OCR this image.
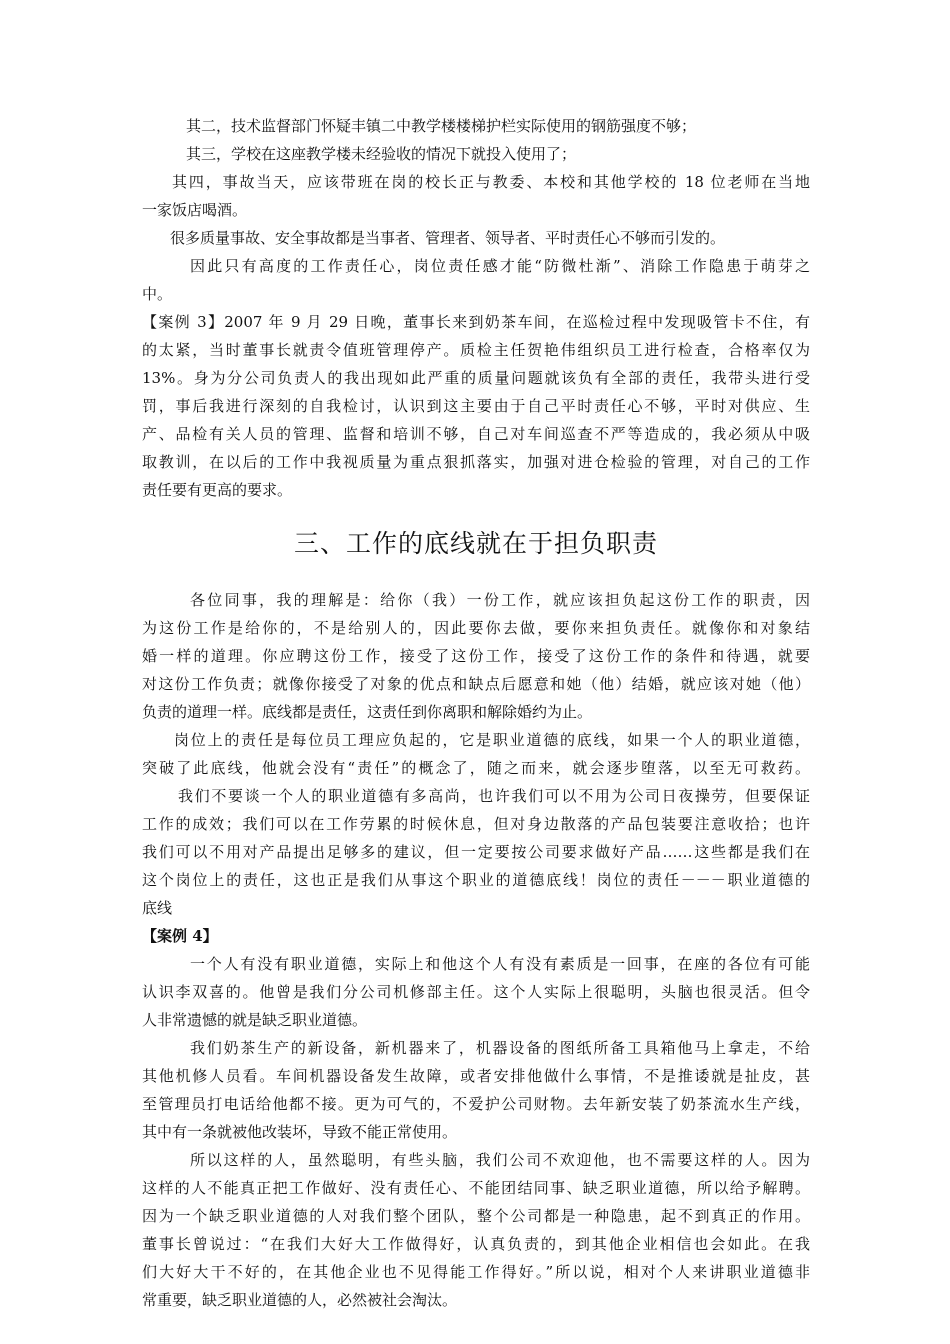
其二，技术监督部门怀疑丰镇二中教学楼楼梯护栏实际使用的钢筋强度不够；
其三，学校在这座教学楼未经验收的情况下就投入使用了；
其四，事故当天，应该带班在岗的校长正与教委、本校和其他学校的 18 位老师在当地
一家饭店喝酒。
很多质量事故、安全事故都是当事者、管理者、领导者、平时责任心不够而引发的。
因此只有高度的工作责任心，岗位责任感才能“防微杜渐”、消除工作隐患于萌芽之
中。
【案例 3】2007 年 9 月 29 日晚，董事长来到奶茶车间，在巡检过程中发现吸管卡不住，有
的太紧，当时董事长就责令值班管理停产。质检主任贺艳伟组织员工进行检查，合格率仅为
13%。身为分公司负责人的我出现如此严重的质量问题就该负有全部的责任，我带头进行受
罚，事后我进行深刻的自我检讨，认识到这主要由于自己平时责任心不够，平时对供应、生
产、品检有关人员的管理、监督和培训不够，自己对车间巡查不严等造成的，我必须从中吸
取教训，在以后的工作中我视质量为重点狠抓落实，加强对进仓检验的管理，对自己的工作
责任要有更高的要求。
三、工作的底线就在于担负职责
各位同事，我的理解是：给你（我）一份工作，就应该担负起这份工作的职责，因
为这份工作是给你的，不是给别人的，因此要你去做，要你来担负责任。就像你和对象结
婚一样的道理。你应聘这份工作，接受了这份工作，接受了这份工作的条件和待遇，就要
对这份工作负责；就像你接受了对象的优点和缺点后愿意和她（他）结婚，就应该对她（他）
负责的道理一样。底线都是责任，这责任到你离职和解除婚约为止。
岗位上的责任是每位员工理应负起的，它是职业道德的底线，如果一个人的职业道德，
突破了此底线，他就会没有“责任”的概念了，随之而来，就会逐步堕落，以至无可救药。
我们不要谈一个人的职业道德有多高尚，也许我们可以不用为公司日夜操劳，但要保证
工作的成效；我们可以在工作劳累的时候休息，但对身边散落的产品包装要注意收拾；也许
我们可以不用对产品提出足够多的建议，但一定要按公司要求做好产品……这些都是我们在
这个岗位上的责任，这也正是我们从事这个职业的道德底线！岗位的责任－－－职业道德的
底线
【案例 4】
一个人有没有职业道德，实际上和他这个人有没有素质是一回事，在座的各位有可能
认识李双喜的。他曾是我们分公司机修部主任。这个人实际上很聪明，头脑也很灵活。但令
人非常遗憾的就是缺乏职业道德。
我们奶茶生产的新设备，新机器来了，机器设备的图纸所备工具箱他马上拿走，不给
其他机修人员看。车间机器设备发生故障，或者安排他做什么事情，不是推诿就是扯皮，甚
至管理员打电话给他都不接。更为可气的，不爱护公司财物。去年新安装了奶茶流水生产线，
其中有一条就被他改装坏，导致不能正常使用。
所以这样的人，虽然聪明，有些头脑，我们公司不欢迎他，也不需要这样的人。因为
这样的人不能真正把工作做好、没有责任心、不能团结同事、缺乏职业道德，所以给予解聘。
因为一个缺乏职业道德的人对我们整个团队，整个公司都是一种隐患，起不到真正的作用。
董事长曾说过：“在我们大好大工作做得好，认真负责的，到其他企业相信也会如此。在我
们大好大干不好的，在其他企业也不见得能工作得好。”所以说，相对个人来讲职业道德非
常重要，缺乏职业道德的人，必然被社会淘汰。
